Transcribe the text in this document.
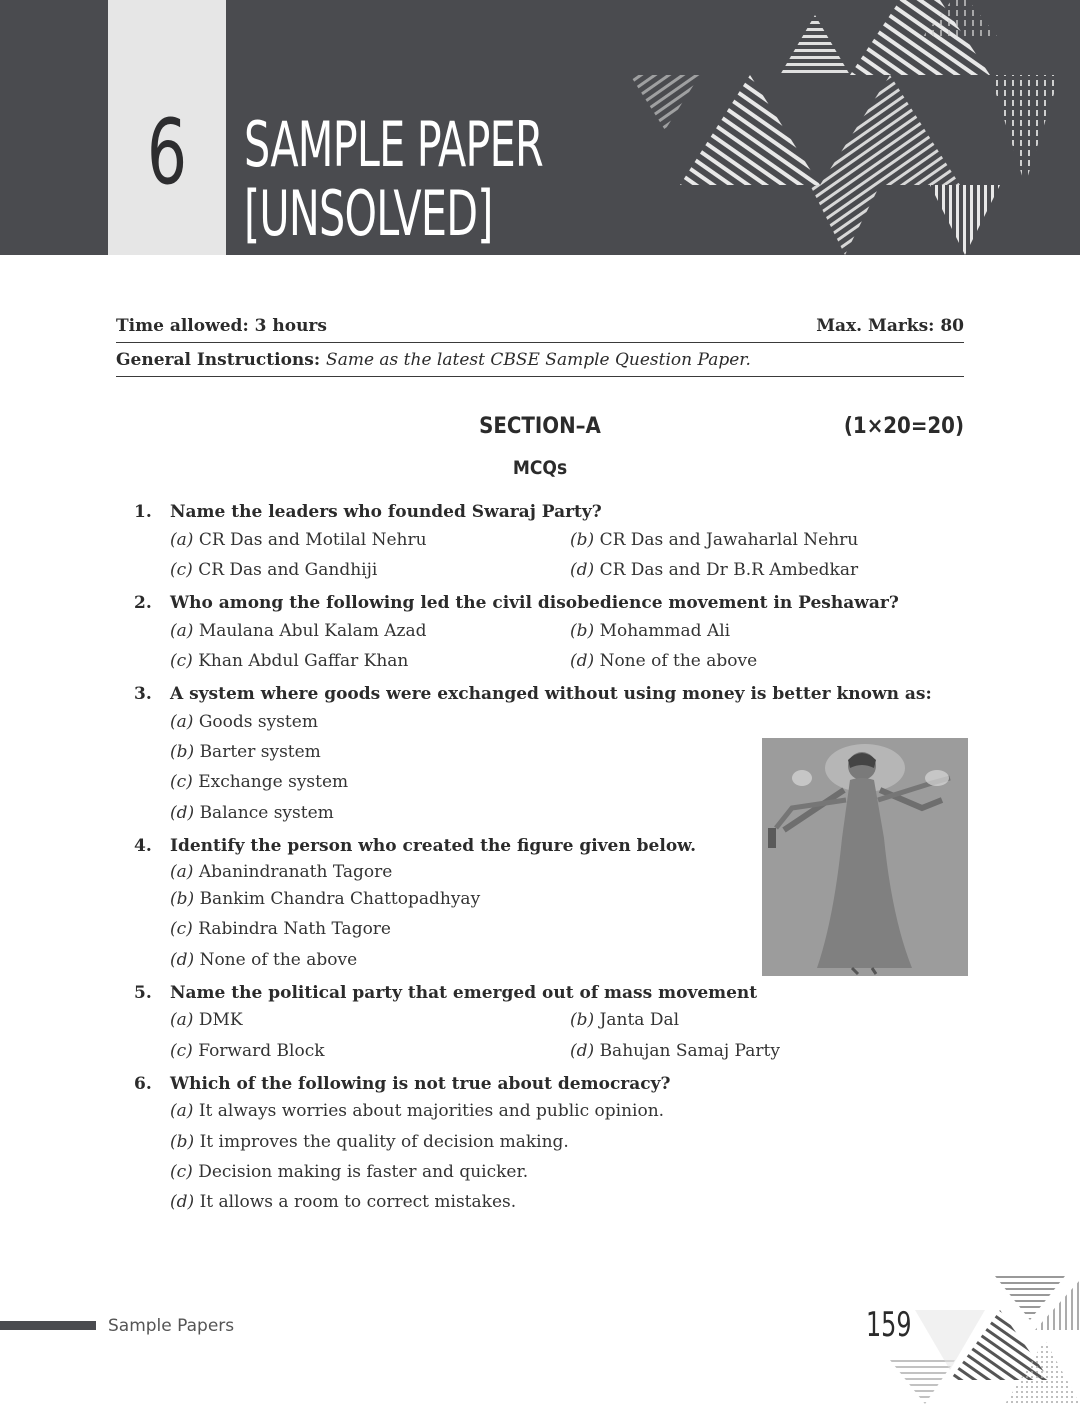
6 SAMPLE PAPER
[UNSOLVED]
Time allowed: 3 hours	Max. Marks: 80
General Instructions: Same as the latest CBSE Sample Question Paper.
SECTION–A	(1×20=20)
MCQs
1. Name the leaders who founded Swaraj Party?
(a) CR Das and Motilal Nehru	(b) CR Das and Jawaharlal Nehru
(c) CR Das and Gandhiji	(d) CR Das and Dr B.R Ambedkar
2. Who among the following led the civil disobedience movement in Peshawar?
(a) Maulana Abul Kalam Azad	(b) Mohammad Ali
(c) Khan Abdul Gaffar Khan	(d) None of the above
3. A system where goods were exchanged without using money is better known as:
(a) Goods system
(b) Barter system
(c) Exchange system
(d) Balance system
4. Identify the person who created the figure given below.
(a) Abanindranath Tagore
(b) Bankim Chandra Chattopadhyay
(c) Rabindra Nath Tagore
(d) None of the above
5. Name the political party that emerged out of mass movement
(a) DMK	(b) Janta Dal
(c) Forward Block	(d) Bahujan Samaj Party
6. Which of the following is not true about democracy?
(a) It always worries about majorities and public opinion.
(b) It improves the quality of decision making.
(c) Decision making is faster and quicker.
(d) It allows a room to correct mistakes.
Sample Papers	159
